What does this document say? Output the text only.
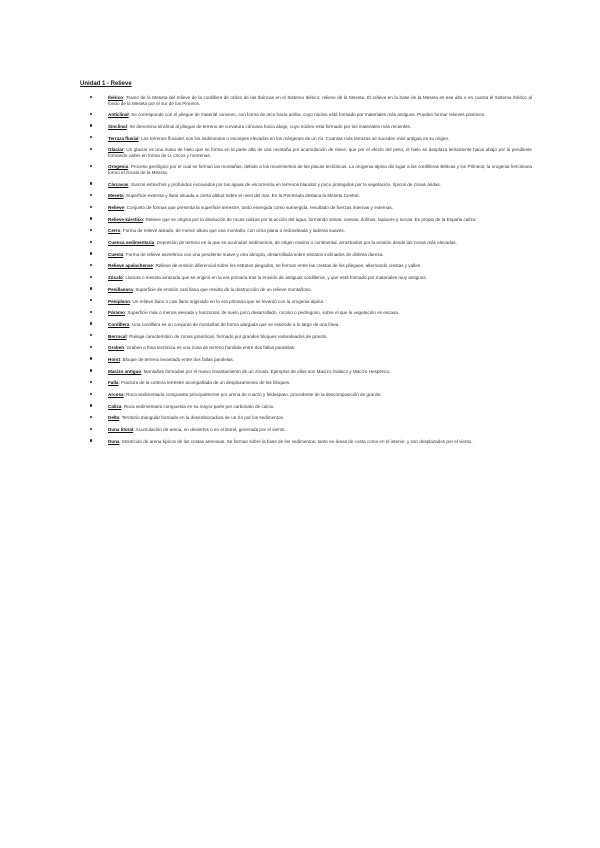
Unidad 1 - Relieve
Ibérico: Tramo de la Meseta del relieve de la cordillera de orden de las Ibéricas en el Sistema Ibérico; relieve de la Meseta. El relieve en la base de la Meseta es ese alto o en cuesta el Sistema Ibérico al fondo de la Meseta por el sur de los Pirineos.
Anticlinal: Se corresponde con el pliegue de material convexo, con forma de arco hacia arriba, cuyo núcleo está formado por materiales más antiguos. Pueden formar relieves positivos.
Sinclinal: Se denomina sinclinal al pliegue de terreno de curvatura cóncava hacia abajo, cuyo núcleo está formado por los materiales más recientes.
Terraza fluvial: Los terrenos fluviales son los sedimentos o escarpes elevados en los márgenes de un río. Cuantas más terrazas se suceden más antigua es su origen.
Glaciar: Un glaciar es una masa de hielo que se forma en la parte alta de una montaña por acumulación de nieve, que por el efecto del peso, el hielo se desplaza lentamente hacia abajo por la pendiente formando valles en forma de U, circos y morrenas.
Orogenia: Proceso geológico por el cual se forman las montañas, debido a los movimientos de las placas tectónicas. La orogenia alpina dio lugar a las cordilleras Béticas y los Pirineos; la orogenia herciniana formó el zócalo de la Meseta.
Cárcavas: Surcos estrechos y profundos excavados por las aguas de escorrentía en terrenos blandos y poco protegidos por la vegetación, típicos de zonas áridas.
Meseta: Superficie extensa y llana situada a cierta altitud sobre el nivel del mar. En la Península destaca la Meseta Central.
Relieve: Conjunto de formas que presenta la superficie terrestre, tanto emergida como sumergida, resultado de fuerzas internas y externas.
Relieve kárstico: Relieve que se origina por la disolución de rocas calizas por la acción del agua, formando simas, cuevas, dolinas, lapiaces y torcas. Es propio de la España caliza.
Cerro: Forma de relieve aislado, de menor altura que una montaña, con cima plana o redondeada y laderas suaves.
Cuenca sedimentaria: Depresión de terreno en la que se acumulan sedimentos, de origen marino o continental, arrastrados por la erosión desde las zonas más elevadas.
Cuesta: Forma de relieve asimétrica con una pendiente suave y otra abrupta, desarrollada sobre estratos inclinados de distinta dureza.
Relieve apalachense: Relieve de erosión diferencial sobre los estratos plegados, se forman entre las crestas de los pliegues, alternando crestas y valles.
Zócalo: Llanura o meseta arrasada que se originó en la era primaria tras la erosión de antiguas cordilleras, y que está formado por materiales muy antiguos.
Penillanura: Superficie de erosión casi llana que resulta de la destrucción de un relieve montañoso.
Peniplano: Un relieve llano o casi llano originado en la era primaria que se levantó con la orogenia alpina.
Páramo: Superficie más o menos elevada y horizontal, de suelo poco desarrollado, rocoso o pedregoso, sobre el que la vegetación es escasa.
Cordillera: Una cordillera es un conjunto de montañas de forma alargada que se extiende a lo largo de una línea.
Berrocal: Paisaje característico de zonas graníticas, formado por grandes bloques redondeados de granito.
Graben: Graben o fosa tectónica es una zona de terreno hundida entre dos fallas paralelas.
Horst: Bloque de terreno levantado entre dos fallas paralelas.
Macizo antiguo: Montañas formadas por el nuevo levantamiento de un zócalo. Ejemplos de ellos son Macizo Galaico y Macizo Hespérico.
Falla: Fractura de la corteza terrestre acompañada de un desplazamiento de los bloques.
Arcosa: Roca sedimentaria compuesta principalmente por arena de cuarzo y feldespato, procedente de la descomposición de granito.
Caliza: Roca sedimentaria compuesta en su mayor parte por carbonato de calcio.
Delta: Territorio triangular formado en la desembocadura de un río por los sedimentos.
Duna litoral: Acumulación de arena, en desiertos o en el litoral, generada por el viento.
Duna: Montículo de arena típicos de las costas arenosas. Se forman sobre la base de los sedimentos, tanto en áreas de costa como en el interior, y son desplazados por el viento.
